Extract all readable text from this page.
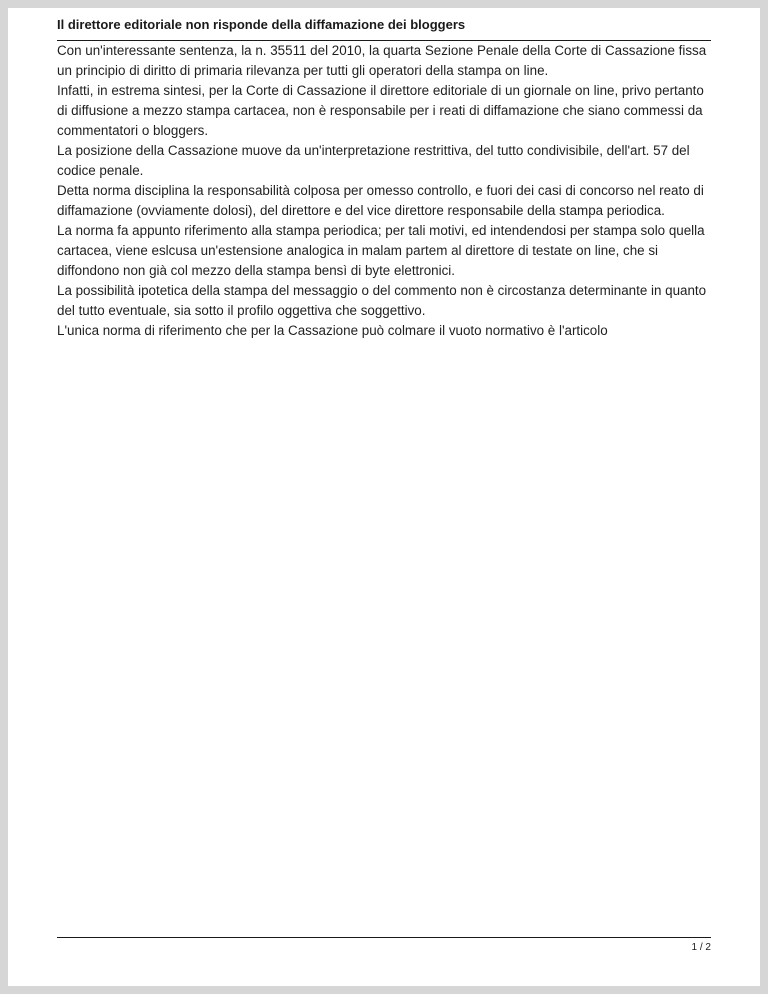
Il direttore editoriale non risponde della diffamazione dei bloggers

Con un'interessante sentenza, la n. 35511 del 2010, la quarta Sezione Penale della Corte di Cassazione fissa un principio di diritto di primaria rilevanza per tutti gli operatori della stampa on line.

Infatti, in estrema sintesi, per la Corte di Cassazione il direttore editoriale di un giornale on line, privo pertanto di diffusione a mezzo stampa cartacea, non è responsabile per i reati di diffamazione che siano commessi da commentatori o bloggers.

La posizione della Cassazione muove da un'interpretazione restrittiva, del tutto condivisibile, dell'art. 57 del codice penale.

Detta norma disciplina la responsabilità colposa per omesso controllo, e fuori dei casi di concorso nel reato di diffamazione (ovviamente dolosi), del direttore e del vice direttore responsabile della stampa periodica.

La norma fa appunto riferimento alla stampa periodica; per tali motivi, ed intendendosi per stampa solo quella cartacea, viene eslcusa un'estensione analogica in malam partem al direttore di testate on line, che si diffondono non già col mezzo della stampa bensì di byte elettronici.

La possibilità ipotetica della stampa del messaggio o del commento non è circostanza determinante in quanto del tutto eventuale, sia sotto il profilo oggettiva che soggettivo.

L'unica norma di riferimento che per la Cassazione può colmare il vuoto normativo è l'articolo

1 / 2
